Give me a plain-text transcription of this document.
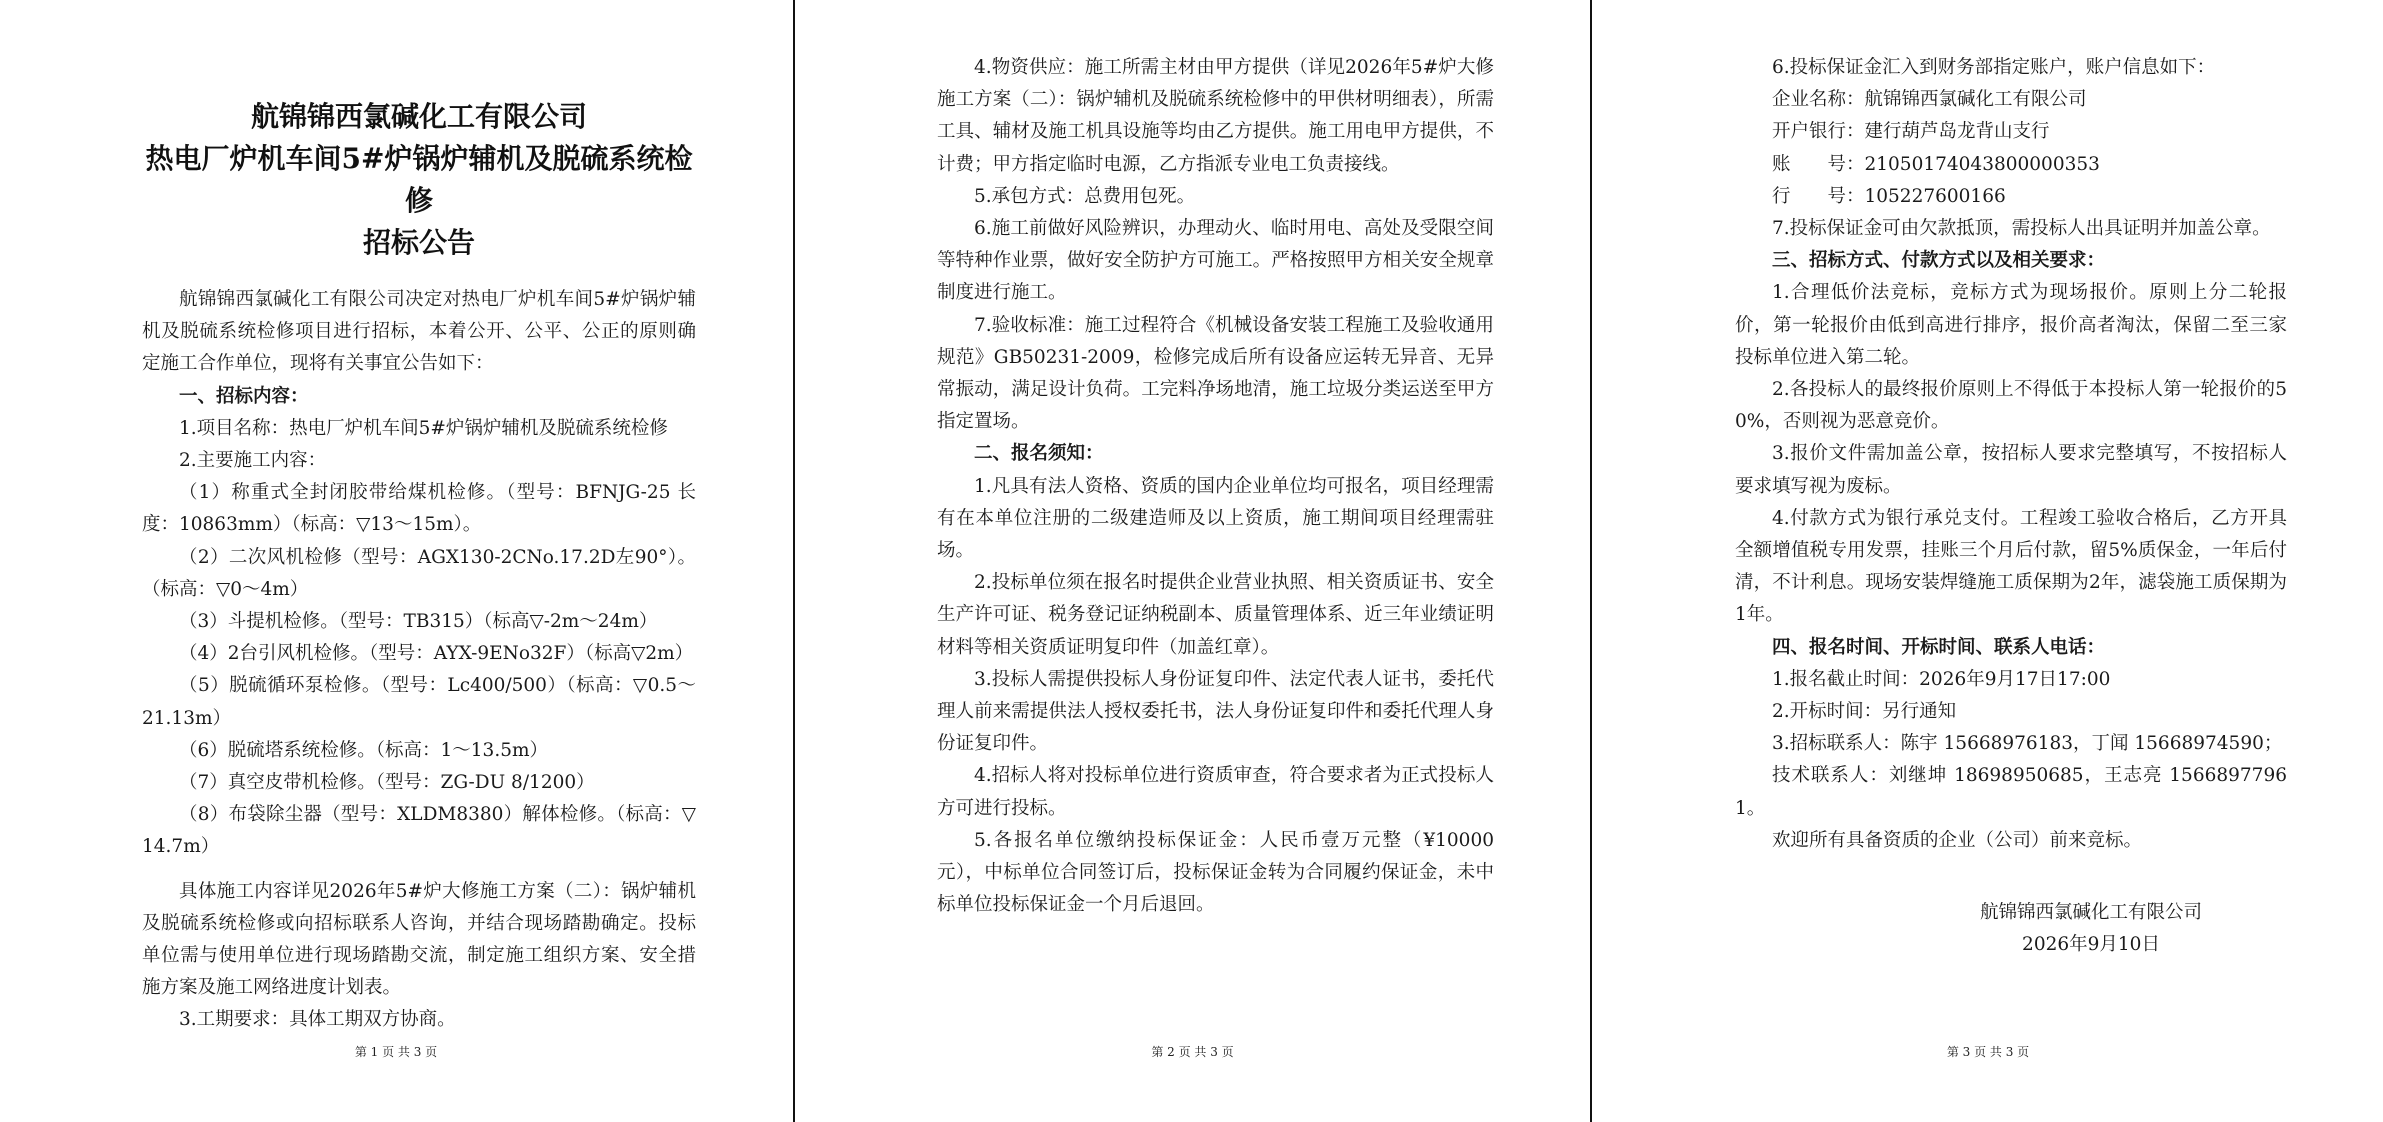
航锦锦西氯碱化工有限公司
热电厂炉机车间5#炉锅炉辅机及脱硫系统检修
招标公告

航锦锦西氯碱化工有限公司决定对热电厂炉机车间5#炉锅炉辅机及脱硫系统检修项目进行招标，本着公开、公平、公正的原则确定施工合作单位，现将有关事宜公告如下：

一、招标内容：

1.项目名称：热电厂炉机车间5#炉锅炉辅机及脱硫系统检修

2.主要施工内容：

（1）称重式全封闭胶带给煤机检修。（型号：BFNJG-25 长度：10863mm）（标高：▽13～15m）。

（2）二次风机检修（型号：AGX130-2CNo.17.2D左90°）。（标高：▽0～4m）

（3）斗提机检修。（型号：TB315）（标高▽-2m～24m）

（4）2台引风机检修。（型号：AYX-9ENo32F）（标高▽2m）

（5）脱硫循环泵检修。（型号：Lc400/500）（标高：▽0.5～21.13m）

（6）脱硫塔系统检修。（标高：1～13.5m）

（7）真空皮带机检修。（型号：ZG-DU 8/1200）

（8）布袋除尘器（型号：XLDM8380）解体检修。（标高：▽14.7m）

具体施工内容详见2026年5#炉大修施工方案（二）：锅炉辅机及脱硫系统检修或向招标联系人咨询，并结合现场踏勘确定。投标单位需与使用单位进行现场踏勘交流，制定施工组织方案、安全措施方案及施工网络进度计划表。

3.工期要求：具体工期双方协商。

第 1 页 共 3 页

4.物资供应：施工所需主材由甲方提供（详见2026年5#炉大修施工方案（二）：锅炉辅机及脱硫系统检修中的甲供材明细表），所需工具、辅材及施工机具设施等均由乙方提供。施工用电甲方提供，不计费；甲方指定临时电源，乙方指派专业电工负责接线。

5.承包方式：总费用包死。

6.施工前做好风险辨识，办理动火、临时用电、高处及受限空间等特种作业票，做好安全防护方可施工。严格按照甲方相关安全规章制度进行施工。

7.验收标准：施工过程符合《机械设备安装工程施工及验收通用规范》GB50231-2009，检修完成后所有设备应运转无异音、无异常振动，满足设计负荷。工完料净场地清，施工垃圾分类运送至甲方指定置场。

二、报名须知：

1.凡具有法人资格、资质的国内企业单位均可报名，项目经理需有在本单位注册的二级建造师及以上资质，施工期间项目经理需驻场。

2.投标单位须在报名时提供企业营业执照、相关资质证书、安全生产许可证、税务登记证纳税副本、质量管理体系、近三年业绩证明材料等相关资质证明复印件（加盖红章）。

3.投标人需提供投标人身份证复印件、法定代表人证书，委托代理人前来需提供法人授权委托书，法人身份证复印件和委托代理人身份证复印件。

4.招标人将对投标单位进行资质审查，符合要求者为正式投标人方可进行投标。

5.各报名单位缴纳投标保证金：人民币壹万元整（¥10000元），中标单位合同签订后，投标保证金转为合同履约保证金，未中标单位投标保证金一个月后退回。

第 2 页 共 3 页

6.投标保证金汇入到财务部指定账户，账户信息如下：

企业名称：航锦锦西氯碱化工有限公司

开户银行：建行葫芦岛龙背山支行

账　　号：21050174043800000353

行　　号：105227600166

7.投标保证金可由欠款抵顶，需投标人出具证明并加盖公章。

三、招标方式、付款方式以及相关要求：

1.合理低价法竞标，竞标方式为现场报价。原则上分二轮报价，第一轮报价由低到高进行排序，报价高者淘汰，保留二至三家投标单位进入第二轮。

2.各投标人的最终报价原则上不得低于本投标人第一轮报价的50%，否则视为恶意竞价。

3.报价文件需加盖公章，按招标人要求完整填写，不按招标人要求填写视为废标。

4.付款方式为银行承兑支付。工程竣工验收合格后，乙方开具全额增值税专用发票，挂账三个月后付款，留5%质保金，一年后付清，不计利息。现场安装焊缝施工质保期为2年，滤袋施工质保期为1年。

四、报名时间、开标时间、联系人电话：

1.报名截止时间：2026年9月17日17:00

2.开标时间：另行通知

3.招标联系人：陈宇 15668976183，丁闻 15668974590；

技术联系人：刘继坤 18698950685，王志亮 15668977961。

欢迎所有具备资质的企业（公司）前来竞标。

航锦锦西氯碱化工有限公司

2026年9月10日

第 3 页 共 3 页
